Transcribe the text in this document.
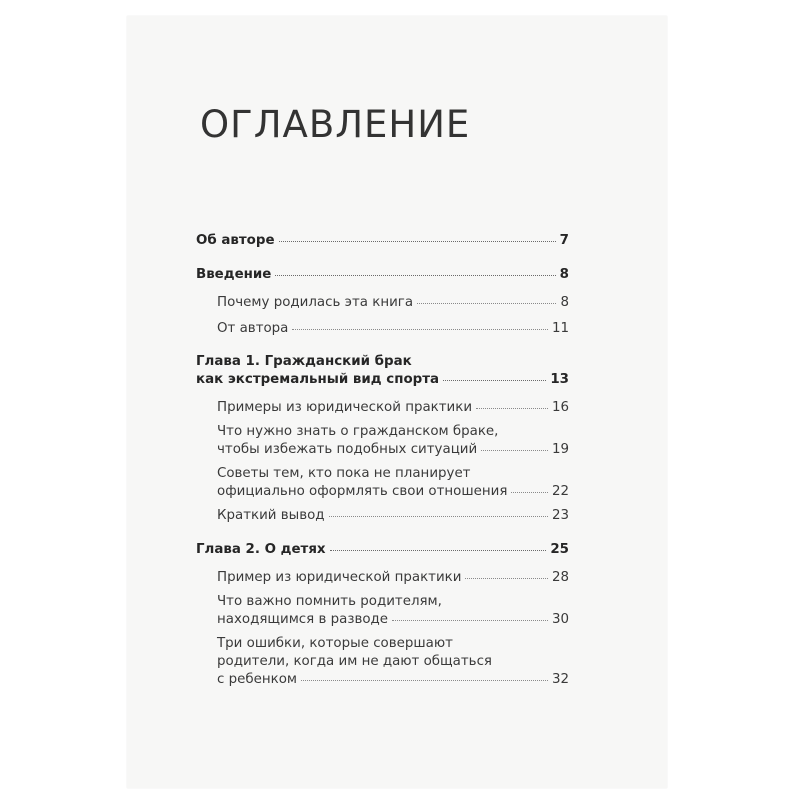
ОГЛАВЛЕНИЕ
Об авторе	7
Введение	8
Почему родилась эта книга	8
От автора	11
Глава 1. Гражданский брак
как экстремальный вид спорта	13
Примеры из юридической практики	16
Что нужно знать о гражданском браке,
чтобы избежать подобных ситуаций	19
Советы тем, кто пока не планирует
официально оформлять свои отношения	22
Краткий вывод	23
Глава 2. О детях	25
Пример из юридической практики	28
Что важно помнить родителям,
находящимся в разводе	30
Три ошибки, которые совершают
родители, когда им не дают общаться
с ребенком	32
